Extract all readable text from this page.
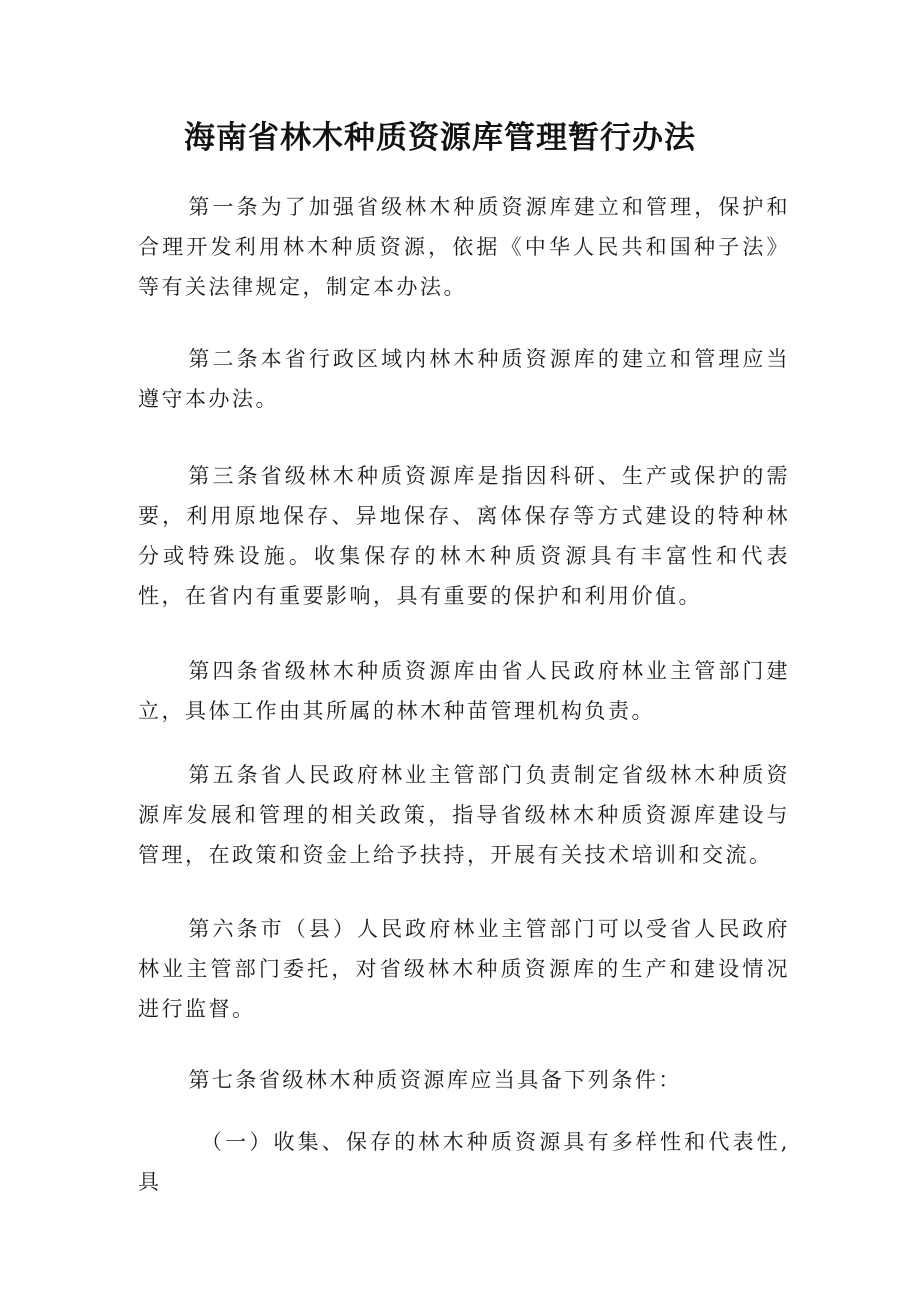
海南省林木种质资源库管理暂行办法

第一条为了加强省级林木种质资源库建立和管理，保护和合理开发利用林木种质资源，依据《中华人民共和国种子法》等有关法律规定，制定本办法。

第二条本省行政区域内林木种质资源库的建立和管理应当遵守本办法。

第三条省级林木种质资源库是指因科研、生产或保护的需要，利用原地保存、异地保存、离体保存等方式建设的特种林分或特殊设施。收集保存的林木种质资源具有丰富性和代表性，在省内有重要影响，具有重要的保护和利用价值。

第四条省级林木种质资源库由省人民政府林业主管部门建立，具体工作由其所属的林木种苗管理机构负责。

第五条省人民政府林业主管部门负责制定省级林木种质资源库发展和管理的相关政策，指导省级林木种质资源库建设与管理，在政策和资金上给予扶持，开展有关技术培训和交流。

第六条市（县）人民政府林业主管部门可以受省人民政府林业主管部门委托，对省级林木种质资源库的生产和建设情况进行监督。

第七条省级林木种质资源库应当具备下列条件：

（一）收集、保存的林木种质资源具有多样性和代表性,具
